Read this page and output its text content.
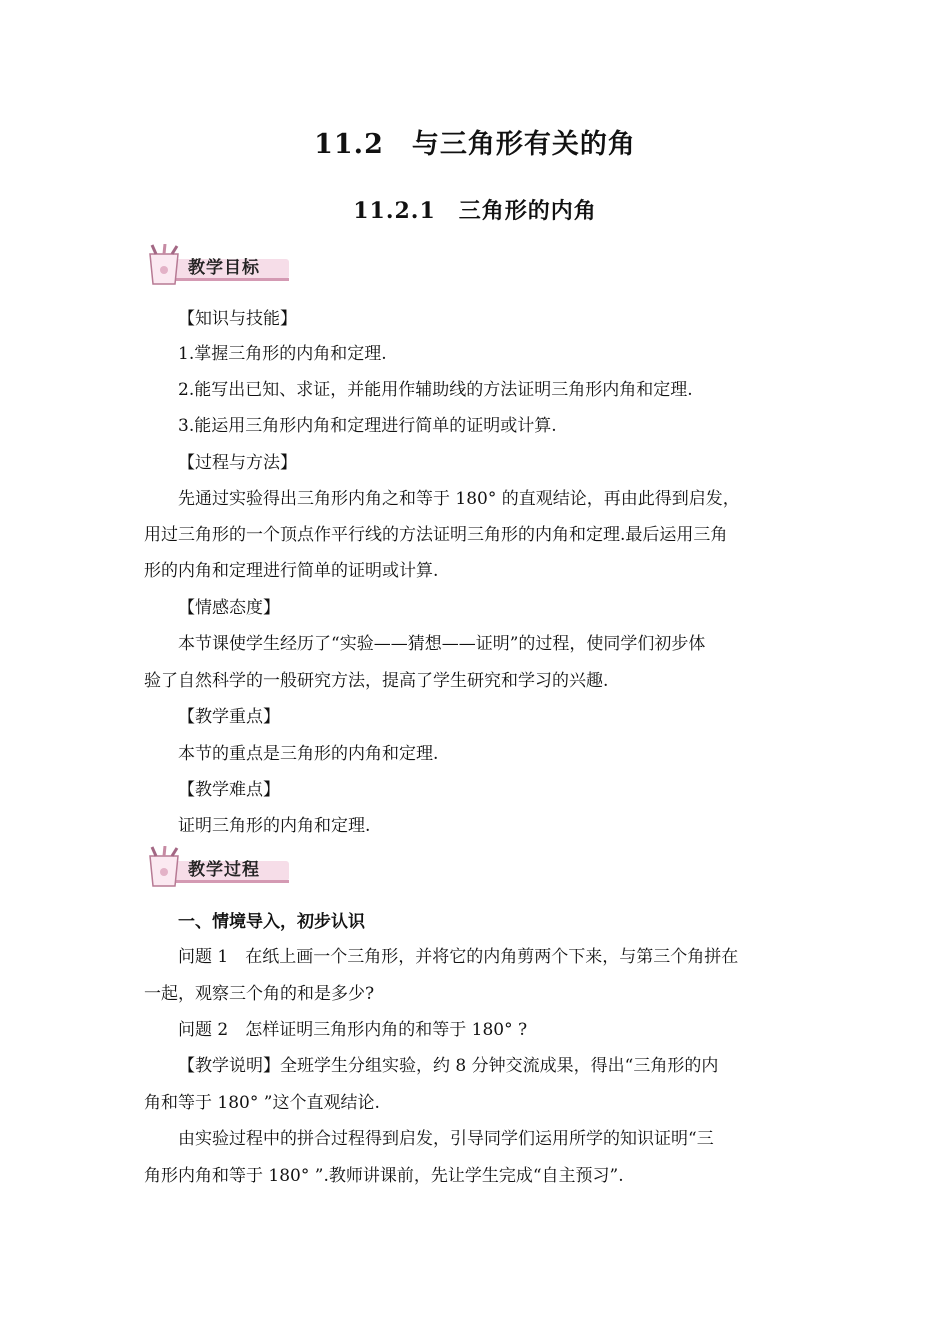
11.2　与三角形有关的角
11.2.1　三角形的内角
教学目标
【知识与技能】
1.掌握三角形的内角和定理.
2.能写出已知、求证，并能用作辅助线的方法证明三角形内角和定理.
3.能运用三角形内角和定理进行简单的证明或计算.
【过程与方法】
先通过实验得出三角形内角之和等于 180° 的直观结论，再由此得到启发，
用过三角形的一个顶点作平行线的方法证明三角形的内角和定理.最后运用三角
形的内角和定理进行简单的证明或计算.
【情感态度】
本节课使学生经历了“实验——猜想——证明”的过程，使同学们初步体
验了自然科学的一般研究方法，提高了学生研究和学习的兴趣.
【教学重点】
本节的重点是三角形的内角和定理.
【教学难点】
证明三角形的内角和定理.
教学过程
一、情境导入，初步认识
问题 1　在纸上画一个三角形，并将它的内角剪两个下来，与第三个角拼在
一起，观察三个角的和是多少?
问题 2　怎样证明三角形内角的和等于 180° ?
【教学说明】全班学生分组实验，约 8 分钟交流成果，得出“三角形的内
角和等于 180° ”这个直观结论.
由实验过程中的拼合过程得到启发，引导同学们运用所学的知识证明“三
角形内角和等于 180° ”.教师讲课前，先让学生完成“自主预习”.
